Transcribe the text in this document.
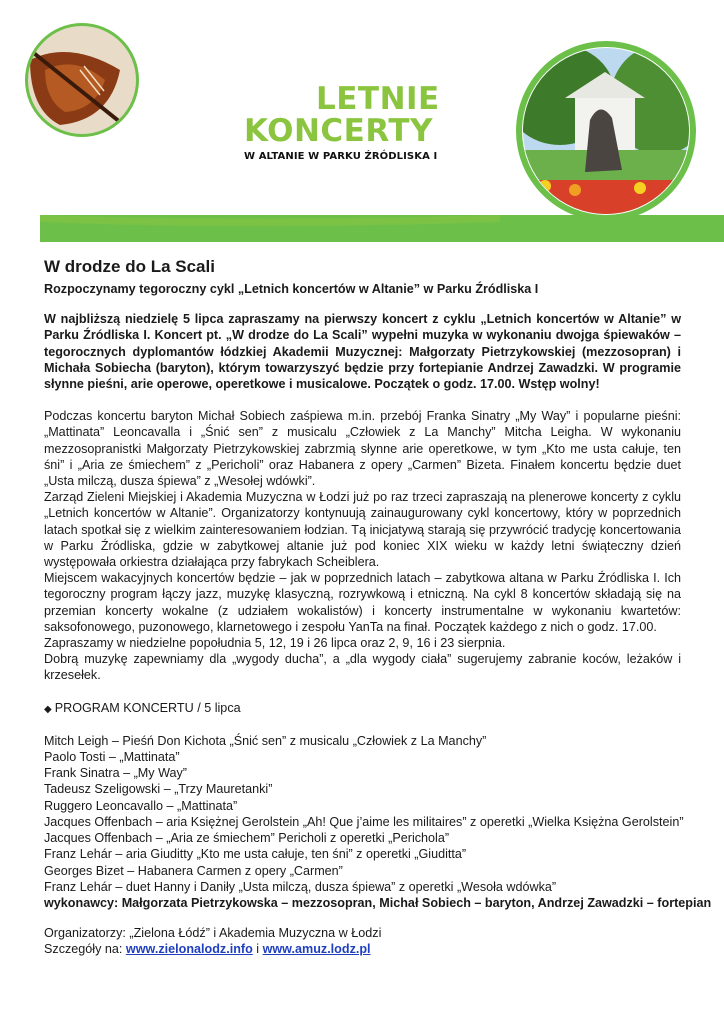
LETNIE
KONCERTY
W ALTANIE W PARKU ŹRÓDLISKA I
W drodze do La Scali

Rozpoczynamy tegoroczny cykl „Letnich koncertów w Altanie” w Parku Źródliska I

W najbliższą niedzielę 5 lipca zapraszamy na pierwszy koncert z cyklu „Letnich koncertów w Altanie” w Parku Źródliska I. Koncert pt. „W drodze do La Scali” wypełni muzyka w wykonaniu dwojga śpiewaków – tegorocznych dyplomantów łódzkiej Akademii Muzycznej: Małgorzaty Pietrzykowskiej (mezzosopran) i Michała Sobiecha (baryton), którym towarzyszyć będzie przy fortepianie Andrzej Zawadzki. W programie słynne pieśni, arie operowe, operetkowe i musicalowe. Początek o godz. 17.00. Wstęp wolny!

Podczas koncertu baryton Michał Sobiech zaśpiewa m.in. przebój Franka Sinatry „My Way” i popularne pieśni: „Mattinata” Leoncavalla i „Śnić sen” z musicalu „Człowiek z La Manchy” Mitcha Leigha. W wykonaniu mezzosopranistki Małgorzaty Pietrzykowskiej zabrzmią słynne arie operetkowe, w tym „Kto me usta całuje, ten śni” i „Aria ze śmiechem” z „Pericholi” oraz Habanera z opery „Carmen” Bizeta. Finałem koncertu będzie duet „Usta milczą, dusza śpiewa” z „Wesołej wdówki”.

Zarząd Zieleni Miejskiej i Akademia Muzyczna w Łodzi już po raz trzeci zapraszają na plenerowe koncerty z cyklu „Letnich koncertów w Altanie”. Organizatorzy kontynuują zainaugurowany cykl koncertowy, który w poprzednich latach spotkał się z wielkim zainteresowaniem łodzian. Tą inicjatywą starają się przywrócić tradycję koncertowania w Parku Źródliska, gdzie w zabytkowej altanie już pod koniec XIX wieku w każdy letni świąteczny dzień występowała orkiestra działająca przy fabrykach Scheiblera.

Miejscem wakacyjnych koncertów będzie – jak w poprzednich latach – zabytkowa altana w Parku Źródliska I. Ich tegoroczny program łączy jazz, muzykę klasyczną, rozrywkową i etniczną. Na cykl 8 koncertów składają się na przemian koncerty wokalne (z udziałem wokalistów) i koncerty instrumentalne w wykonaniu kwartetów: saksofonowego, puzonowego, klarnetowego i zespołu YanTa na finał. Początek każdego z nich o godz. 17.00.

Zapraszamy w niedzielne popołudnia 5, 12, 19 i 26 lipca oraz 2, 9, 16 i 23 sierpnia.

Dobrą muzykę zapewniamy dla „wygody ducha”, a „dla wygody ciała” sugerujemy zabranie koców, leżaków i krzesełek.

◆ PROGRAM KONCERTU / 5 lipca
Mitch Leigh – Pieśń Don Kichota „Śnić sen” z musicalu „Człowiek z La Manchy”
Paolo Tosti – „Mattinata”
Frank Sinatra – „My Way”
Tadeusz Szeligowski – „Trzy Mauretanki”
Ruggero Leoncavallo – „Mattinata”
Jacques Offenbach – aria Księżnej Gerolstein „Ah! Que j’aime les militaires” z operetki „Wielka Księżna Gerolstein”
Jacques Offenbach – „Aria ze śmiechem” Pericholi z operetki „Perichola”
Franz Lehár – aria Giuditty „Kto me usta całuje, ten śni” z operetki „Giuditta”
Georges Bizet – Habanera Carmen z opery „Carmen”
Franz Lehár – duet Hanny i Daniły „Usta milczą, dusza śpiewa” z operetki „Wesoła wdówka”
wykonawcy: Małgorzata Pietrzykowska – mezzosopran, Michał Sobiech – baryton, Andrzej Zawadzki – fortepian
Organizatorzy: „Zielona Łódź” i Akademia Muzyczna w Łodzi
Szczegóły na: www.zielonalodz.info i www.amuz.lodz.pl
